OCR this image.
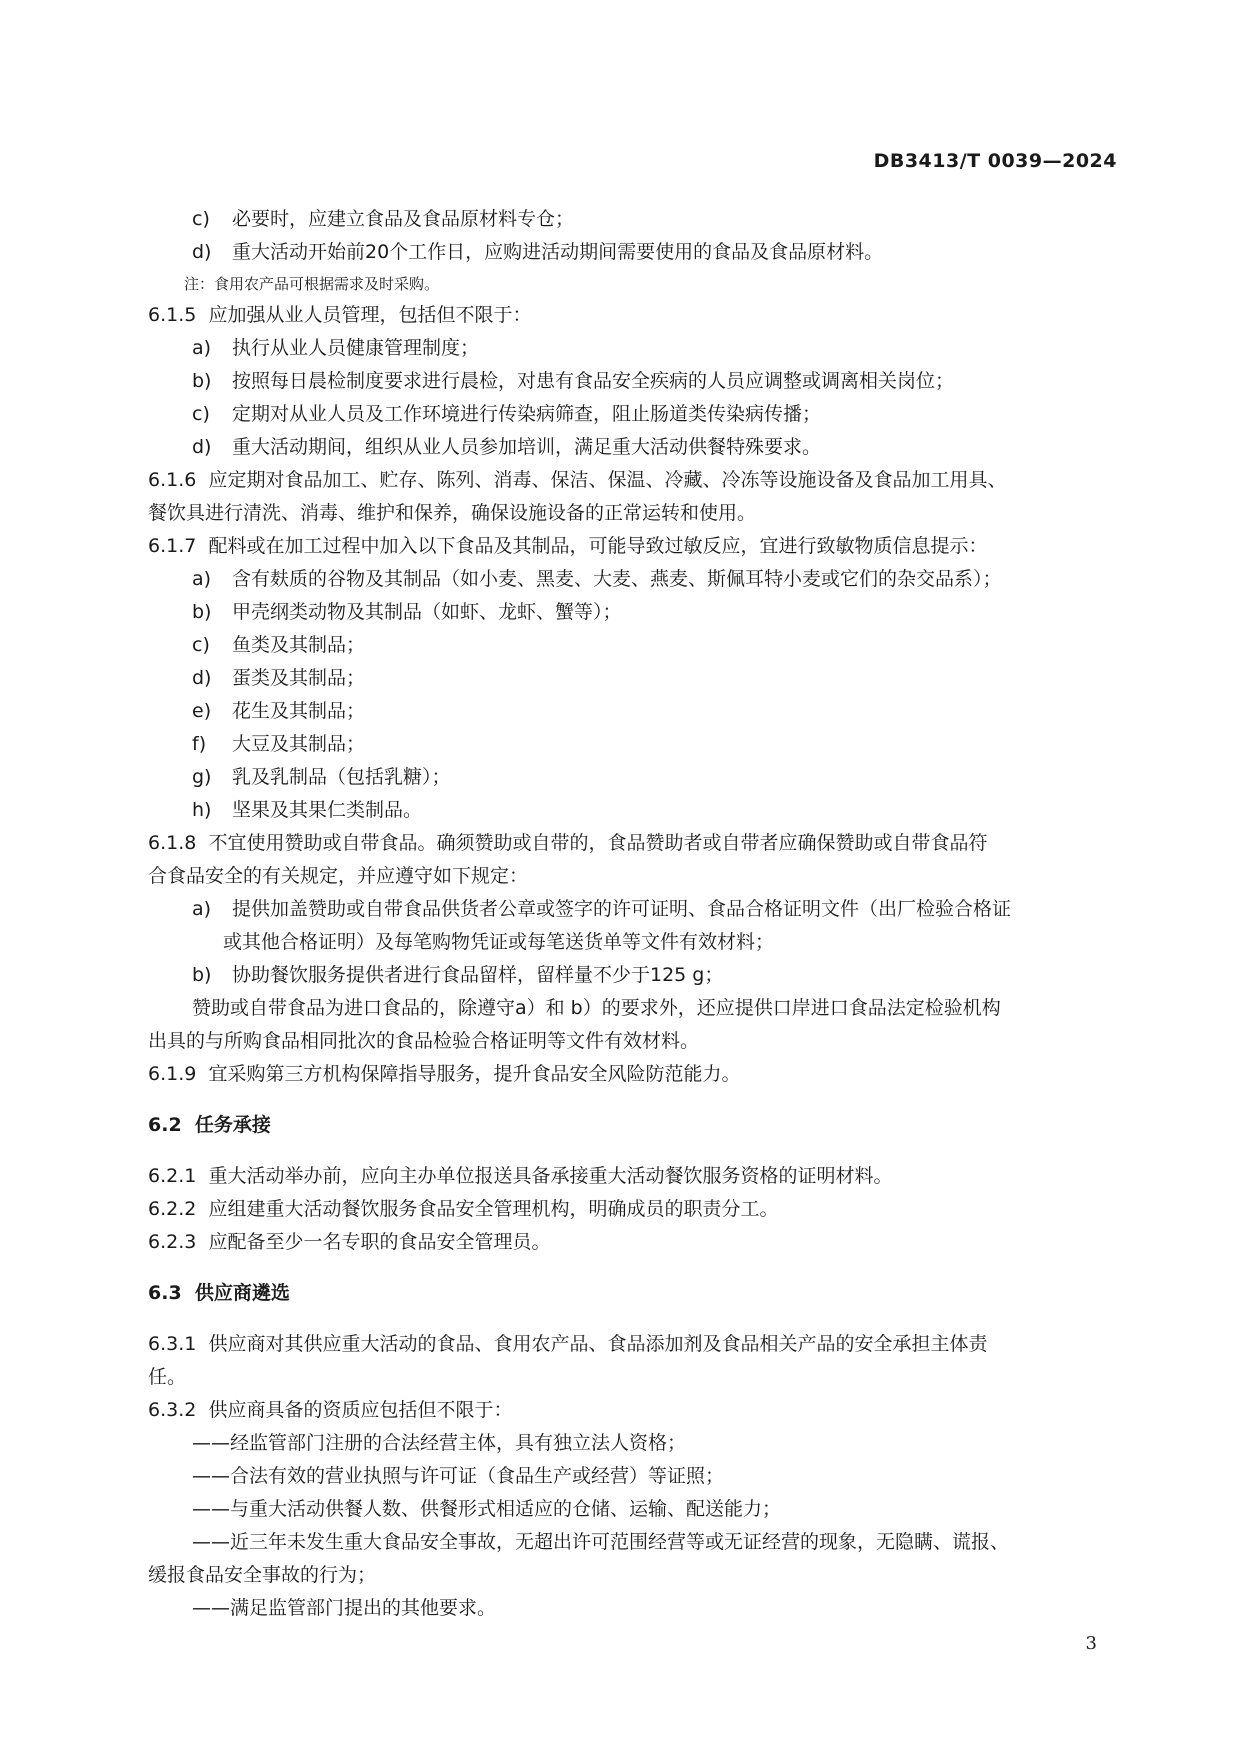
DB3413/T 0039—2024
c) 必要时，应建立食品及食品原材料专仓；
d) 重大活动开始前20个工作日，应购进活动期间需要使用的食品及食品原材料。
注：食用农产品可根据需求及时采购。
6.1.5 应加强从业人员管理，包括但不限于：
a) 执行从业人员健康管理制度；
b) 按照每日晨检制度要求进行晨检，对患有食品安全疾病的人员应调整或调离相关岗位；
c) 定期对从业人员及工作环境进行传染病筛查，阻止肠道类传染病传播；
d) 重大活动期间，组织从业人员参加培训，满足重大活动供餐特殊要求。
6.1.6 应定期对食品加工、贮存、陈列、消毒、保洁、保温、冷藏、冷冻等设施设备及食品加工用具、
餐饮具进行清洗、消毒、维护和保养，确保设施设备的正常运转和使用。
6.1.7 配料或在加工过程中加入以下食品及其制品，可能导致过敏反应，宜进行致敏物质信息提示：
a) 含有麸质的谷物及其制品（如小麦、黑麦、大麦、燕麦、斯佩耳特小麦或它们的杂交品系）；
b) 甲壳纲类动物及其制品（如虾、龙虾、蟹等）；
c) 鱼类及其制品；
d) 蛋类及其制品；
e) 花生及其制品；
f) 大豆及其制品；
g) 乳及乳制品（包括乳糖）；
h) 坚果及其果仁类制品。
6.1.8 不宜使用赞助或自带食品。确须赞助或自带的，食品赞助者或自带者应确保赞助或自带食品符
合食品安全的有关规定，并应遵守如下规定：
a) 提供加盖赞助或自带食品供货者公章或签字的许可证明、食品合格证明文件（出厂检验合格证
或其他合格证明）及每笔购物凭证或每笔送货单等文件有效材料；
b) 协助餐饮服务提供者进行食品留样，留样量不少于125 g；
赞助或自带食品为进口食品的，除遵守a）和 b）的要求外，还应提供口岸进口食品法定检验机构
出具的与所购食品相同批次的食品检验合格证明等文件有效材料。
6.1.9 宜采购第三方机构保障指导服务，提升食品安全风险防范能力。
6.2 任务承接
6.2.1 重大活动举办前，应向主办单位报送具备承接重大活动餐饮服务资格的证明材料。
6.2.2 应组建重大活动餐饮服务食品安全管理机构，明确成员的职责分工。
6.2.3 应配备至少一名专职的食品安全管理员。
6.3 供应商遴选
6.3.1 供应商对其供应重大活动的食品、食用农产品、食品添加剂及食品相关产品的安全承担主体责
任。
6.3.2 供应商具备的资质应包括但不限于：
——经监管部门注册的合法经营主体，具有独立法人资格；
——合法有效的营业执照与许可证（食品生产或经营）等证照；
——与重大活动供餐人数、供餐形式相适应的仓储、运输、配送能力；
——近三年未发生重大食品安全事故，无超出许可范围经营等或无证经营的现象，无隐瞒、谎报、
缓报食品安全事故的行为；
——满足监管部门提出的其他要求。
3
